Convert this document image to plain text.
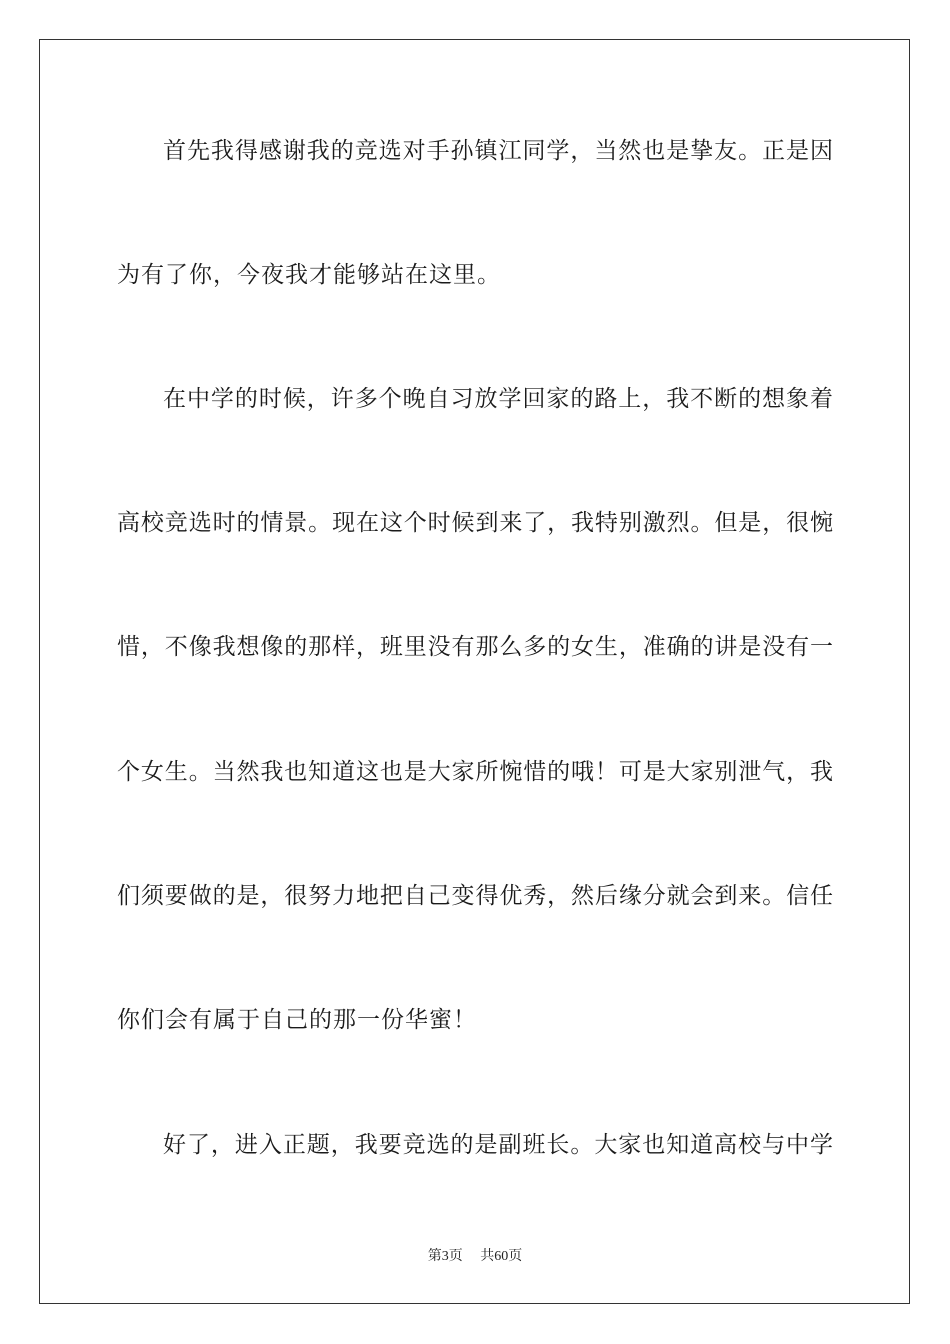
首先我得感谢我的竞选对手孙镇江同学，当然也是挚友。正是因
为有了你，今夜我才能够站在这里。
在中学的时候，许多个晚自习放学回家的路上，我不断的想象着
高校竞选时的情景。现在这个时候到来了，我特别激烈。但是，很惋
惜，不像我想像的那样，班里没有那么多的女生，准确的讲是没有一
个女生。当然我也知道这也是大家所惋惜的哦！可是大家别泄气，我
们须要做的是，很努力地把自己变得优秀，然后缘分就会到来。信任
你们会有属于自己的那一份华蜜！
好了，进入正题，我要竞选的是副班长。大家也知道高校与中学
第3页 共60页
